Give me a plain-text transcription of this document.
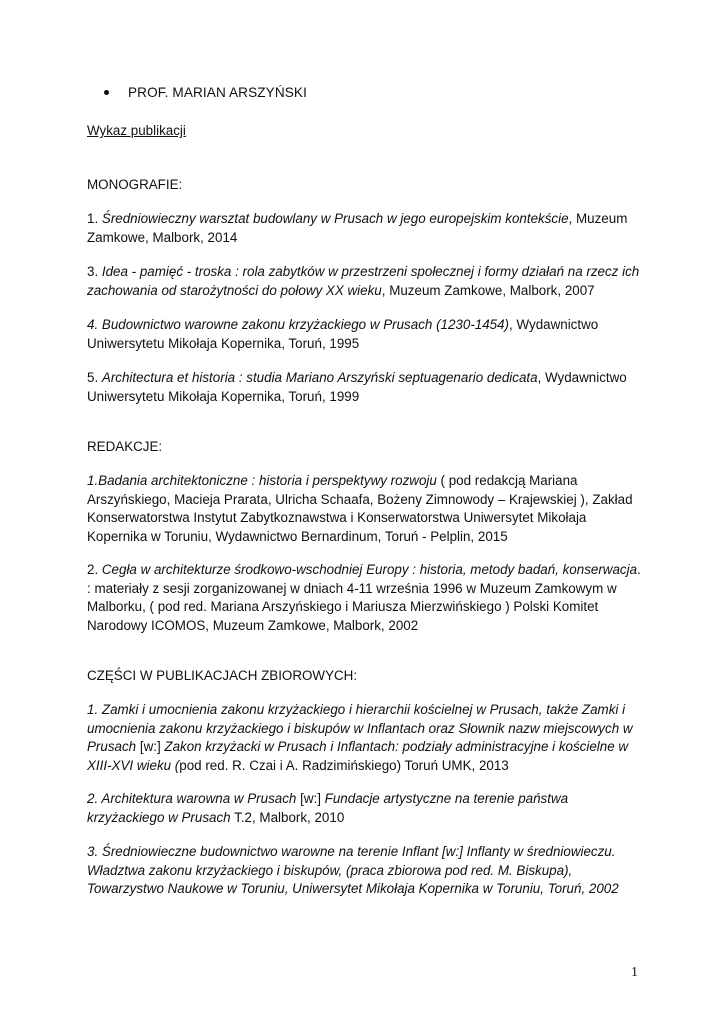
PROF. MARIAN ARSZYŃSKI
Wykaz publikacji
MONOGRAFIE:

1. Średniowieczny warsztat budowlany w Prusach w jego europejskim kontekście, Muzeum
Zamkowe, Malbork, 2014

3. Idea - pamięć - troska : rola zabytków w przestrzeni społecznej i formy działań na rzecz ich
zachowania od starożytności do połowy XX wieku, Muzeum Zamkowe, Malbork, 2007

4. Budownictwo warowne zakonu krzyżackiego w Prusach (1230-1454), Wydawnictwo
Uniwersytetu Mikołaja Kopernika, Toruń, 1995

5. Architectura et historia : studia Mariano Arszyński septuagenario dedicata, Wydawnictwo
Uniwersytetu Mikołaja Kopernika, Toruń, 1999

REDAKCJE:

1.Badania architektoniczne : historia i perspektywy rozwoju ( pod redakcją Mariana
Arszyńskiego, Macieja Prarata, Ulricha Schaafa, Bożeny Zimnowody – Krajewskiej ), Zakład
Konserwatorstwa Instytut Zabytkoznawstwa i Konserwatorstwa Uniwersytet Mikołaja
Kopernika w Toruniu, Wydawnictwo Bernardinum, Toruń - Pelplin, 2015

2. Cegła w architekturze środkowo-wschodniej Europy : historia, metody badań, konserwacja.
: materiały z sesji zorganizowanej w dniach 4-11 września 1996 w Muzeum Zamkowym w
Malborku, ( pod red. Mariana Arszyńskiego i Mariusza Mierzwińskiego ) Polski Komitet
Narodowy ICOMOS, Muzeum Zamkowe, Malbork, 2002

CZĘŚCI W PUBLIKACJACH ZBIOROWYCH:

1. Zamki i umocnienia zakonu krzyżackiego i hierarchii kościelnej w Prusach, także Zamki i
umocnienia zakonu krzyżackiego i biskupów w Inflantach oraz Słownik nazw miejscowych w
Prusach [w:] Zakon krzyżacki w Prusach i Inflantach: podziały administracyjne i kościelne w
XIII-XVI wieku (pod red. R. Czai i A. Radzimińskiego) Toruń UMK, 2013

2. Architektura warowna w Prusach [w:] Fundacje artystyczne na terenie państwa
krzyżackiego w Prusach T.2, Malbork, 2010

3. Średniowieczne budownictwo warowne na terenie Inflant [w:] Inflanty w średniowieczu.
Władztwa zakonu krzyżackiego i biskupów, (praca zbiorowa pod red. M. Biskupa),
Towarzystwo Naukowe w Toruniu, Uniwersytet Mikołaja Kopernika w Toruniu, Toruń, 2002

1
